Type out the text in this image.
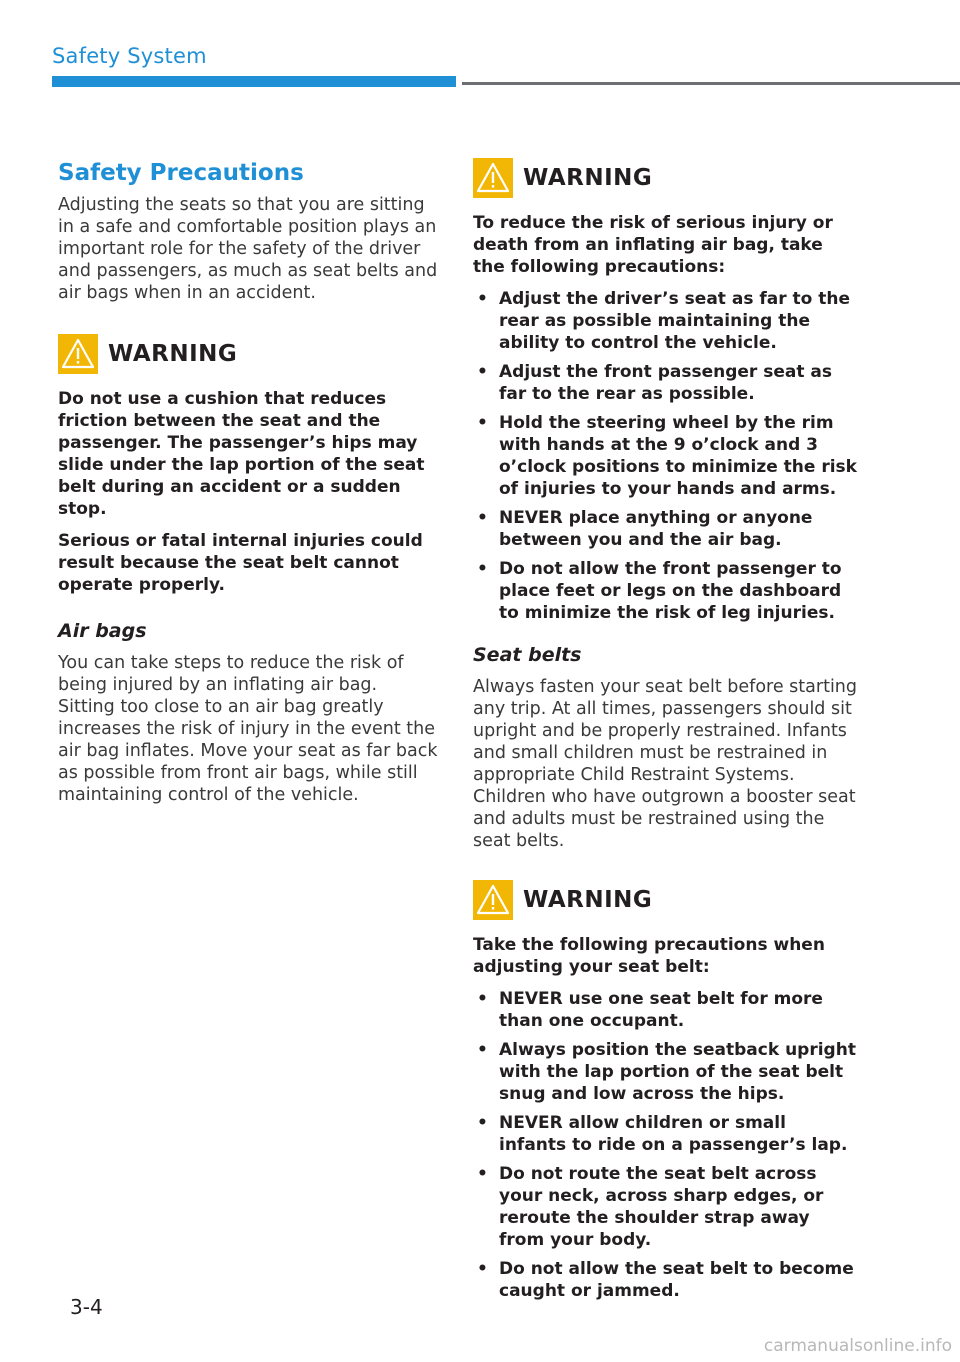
Safety System
Safety Precautions

Adjusting the seats so that you are sitting in a safe and comfortable position plays an important role for the safety of the driver and passengers, as much as seat belts and air bags when in an accident.

WARNING

Do not use a cushion that reduces friction between the seat and the passenger. The passenger’s hips may slide under the lap portion of the seat belt during an accident or a sudden stop.

Serious or fatal internal injuries could result because the seat belt cannot operate properly.

Air bags

You can take steps to reduce the risk of being injured by an inflating air bag. Sitting too close to an air bag greatly increases the risk of injury in the event the air bag inflates. Move your seat as far back as possible from front air bags, while still maintaining control of the vehicle.

WARNING

To reduce the risk of serious injury or death from an inflating air bag, take the following precautions:

• Adjust the driver’s seat as far to the rear as possible maintaining the ability to control the vehicle.
• Adjust the front passenger seat as far to the rear as possible.
• Hold the steering wheel by the rim with hands at the 9 o’clock and 3 o’clock positions to minimize the risk of injuries to your hands and arms.
• NEVER place anything or anyone between you and the air bag.
• Do not allow the front passenger to place feet or legs on the dashboard to minimize the risk of leg injuries.
Seat belts

Always fasten your seat belt before starting any trip. At all times, passengers should sit upright and be properly restrained. Infants and small children must be restrained in appropriate Child Restraint Systems. Children who have outgrown a booster seat and adults must be restrained using the seat belts.

WARNING

Take the following precautions when adjusting your seat belt:

• NEVER use one seat belt for more than one occupant.
• Always position the seatback upright with the lap portion of the seat belt snug and low across the hips.
• NEVER allow children or small infants to ride on a passenger’s lap.
• Do not route the seat belt across your neck, across sharp edges, or reroute the shoulder strap away from your body.
• Do not allow the seat belt to become caught or jammed.
3-4
carmanualsonline.info
